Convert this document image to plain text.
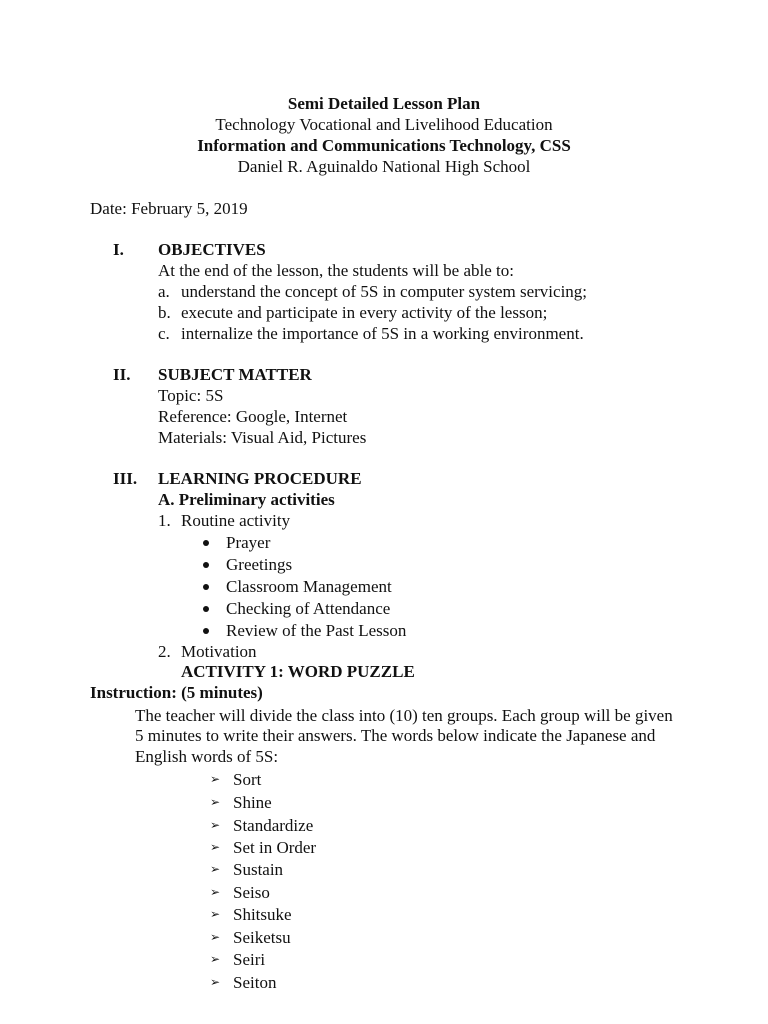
Semi Detailed Lesson Plan
Technology Vocational and Livelihood Education
Information and Communications Technology, CSS
Daniel R. Aguinaldo National High School
Date: February 5, 2019
I. OBJECTIVES
At the end of the lesson, the students will be able to:
a. understand the concept of 5S in computer system servicing;
b. execute and participate in every activity of the lesson;
c. internalize the importance of 5S in a working environment.
II. SUBJECT MATTER
Topic: 5S
Reference: Google, Internet
Materials: Visual Aid, Pictures
III. LEARNING PROCEDURE
A. Preliminary activities
1. Routine activity
Prayer
Greetings
Classroom Management
Checking of Attendance
Review of the Past Lesson
2. Motivation
ACTIVITY 1: WORD PUZZLE
Instruction: (5 minutes)
The teacher will divide the class into (10) ten groups. Each group will be given
5 minutes to write their answers. The words below indicate the Japanese and
English words of 5S:
➢ Sort
➢ Shine
➢ Standardize
➢ Set in Order
➢ Sustain
➢ Seiso
➢ Shitsuke
➢ Seiketsu
➢ Seiri
➢ Seiton
